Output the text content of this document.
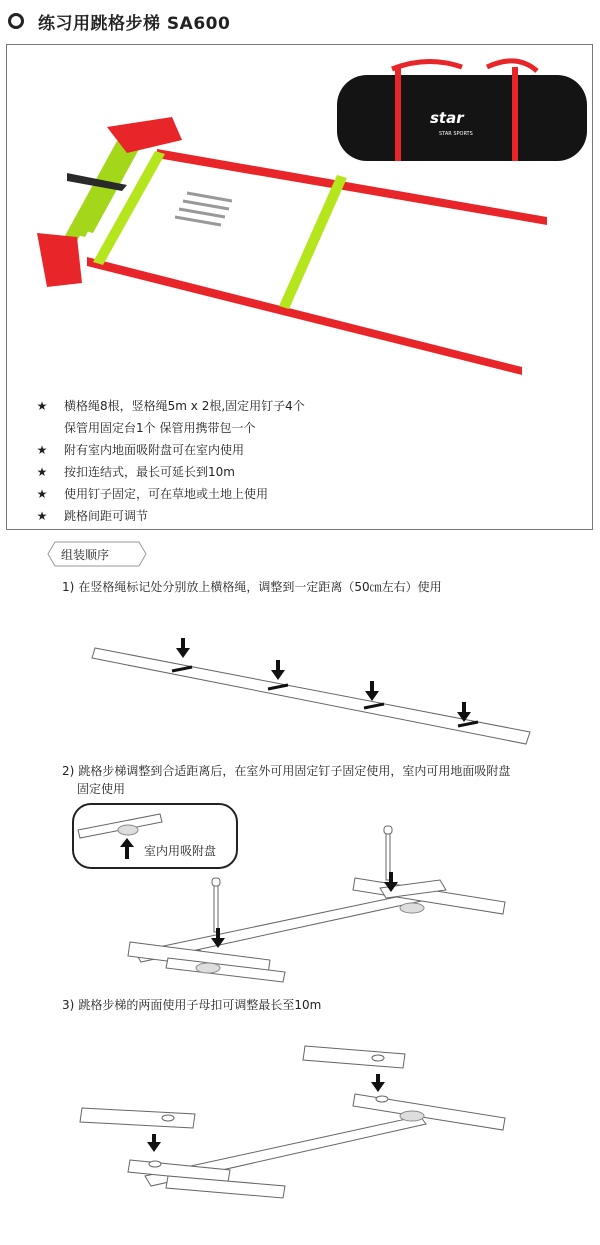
练习用跳格步梯 SA600
star
STAR SPORTS
★ 横格绳8根，竖格绳5m x 2根,固定用钉子4个
保管用固定台1个 保管用携带包一个
★ 附有室内地面吸附盘可在室内使用
★ 按扣连结式，最长可延长到10m
★ 使用钉子固定，可在草地或土地上使用
★ 跳格间距可调节
组装顺序
1) 在竖格绳标记处分别放上横格绳，调整到一定距离（50㎝左右）使用
2) 跳格步梯调整到合适距离后，在室外可用固定钉子固定使用，室内可用地面吸附盘
固定使用
室内用吸附盘
3) 跳格步梯的两面使用子母扣可调整最长至10m
